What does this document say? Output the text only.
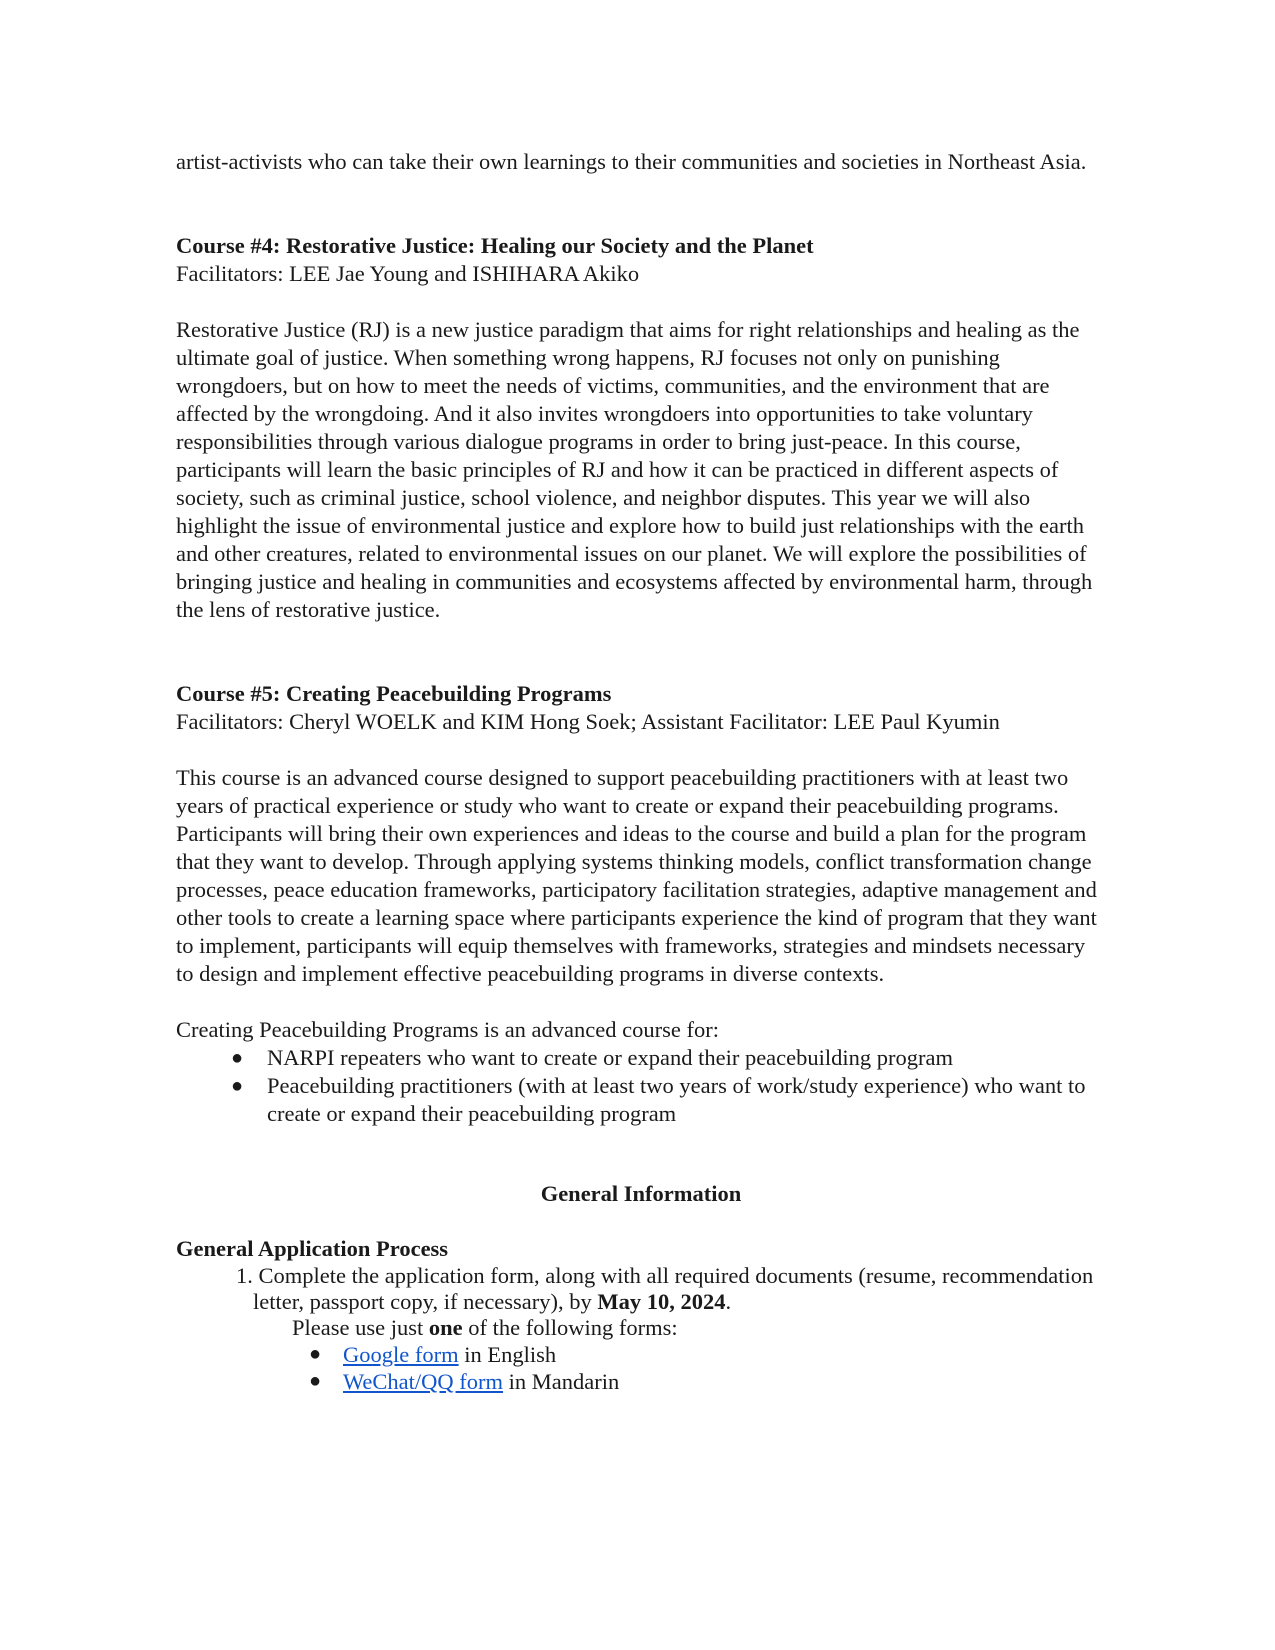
artist-activists who can take their own learnings to their communities and societies in Northeast Asia.

Course #4: Restorative Justice: Healing our Society and the Planet

Facilitators: LEE Jae Young and ISHIHARA Akiko

Restorative Justice (RJ) is a new justice paradigm that aims for right relationships and healing as the ultimate goal of justice. When something wrong happens, RJ focuses not only on punishing wrongdoers, but on how to meet the needs of victims, communities, and the environment that are affected by the wrongdoing. And it also invites wrongdoers into opportunities to take voluntary responsibilities through various dialogue programs in order to bring just-peace. In this course, participants will learn the basic principles of RJ and how it can be practiced in different aspects of society, such as criminal justice, school violence, and neighbor disputes. This year we will also highlight the issue of environmental justice and explore how to build just relationships with the earth and other creatures, related to environmental issues on our planet. We will explore the possibilities of bringing justice and healing in communities and ecosystems affected by environmental harm, through the lens of restorative justice.

Course #5: Creating Peacebuilding Programs

Facilitators: Cheryl WOELK and KIM Hong Soek; Assistant Facilitator: LEE Paul Kyumin

This course is an advanced course designed to support peacebuilding practitioners with at least two years of practical experience or study who want to create or expand their peacebuilding programs. Participants will bring their own experiences and ideas to the course and build a plan for the program that they want to develop. Through applying systems thinking models, conflict transformation change processes, peace education frameworks, participatory facilitation strategies, adaptive management and other tools to create a learning space where participants experience the kind of program that they want to implement, participants will equip themselves with frameworks, strategies and mindsets necessary to design and implement effective peacebuilding programs in diverse contexts.

Creating Peacebuilding Programs is an advanced course for:

● NARPI repeaters who want to create or expand their peacebuilding program
● Peacebuilding practitioners (with at least two years of work/study experience) who want to create or expand their peacebuilding program

General Information

General Application Process

1. Complete the application form, along with all required documents (resume, recommendation letter, passport copy, if necessary), by May 10, 2024.

Please use just one of the following forms:

● Google form in English
● WeChat/QQ form in Mandarin
